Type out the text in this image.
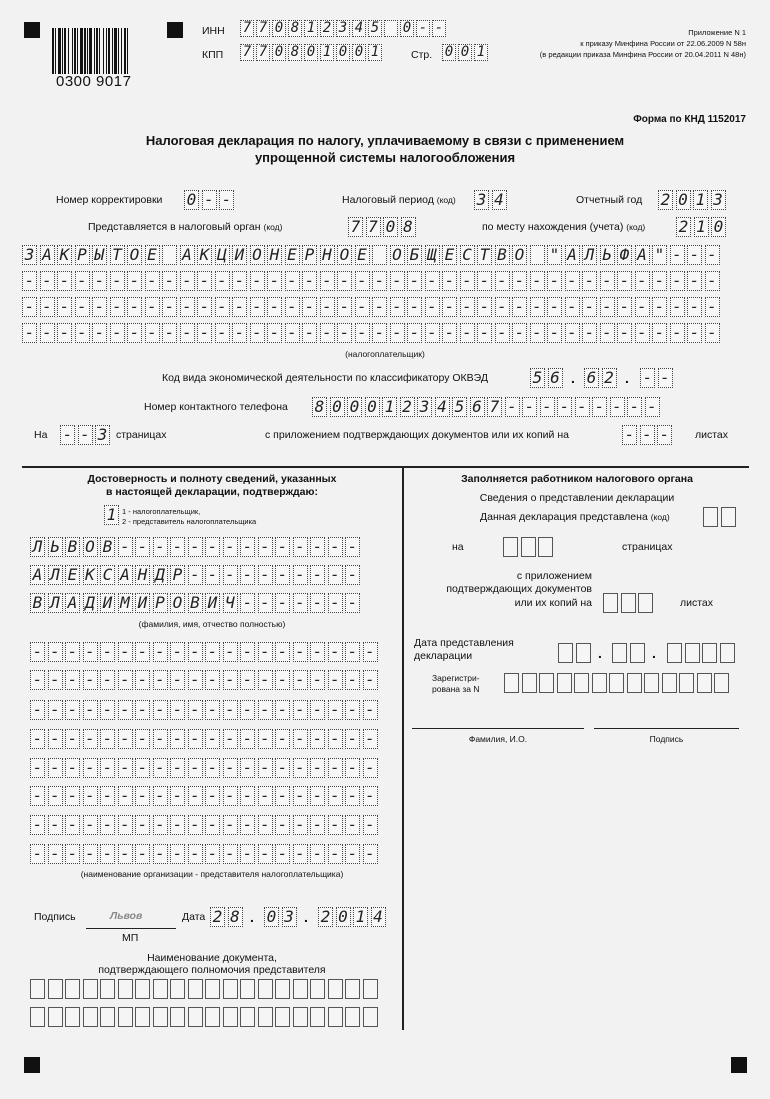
0300 9017
ИНН 7 7 0 8 1 2 3 4 5 0 - -
КПП 7 7 0 8 0 1 0 0 1	Стр. 0 0 1
Приложение N 1
к приказу Минфина России от 22.06.2009 N 58н
(в редакции приказа Минфина России от 20.04.2011 N 48н)
Форма по КНД 1152017
Налоговая декларация по налогу, уплачиваемому в связи с применением
упрощенной системы налогообложения
Номер корректировки 0 - -	Налоговый период (код) 3 4	Отчетный год 2 0 1 3
Представляется в налоговый орган (код)	7 7 0 8	по месту нахождения (учета) (код) 2 1 0
З А К Р Ы Т О Е А К Ц И О Н Е Р Н О Е О Б Щ Е С Т В О " А Л Ь Ф А " - - -
- - - - - - - - - - - - - - - - - - - - - - - - - - - - - - - - - - - - - - - -
- - - - - - - - - - - - - - - - - - - - - - - - - - - - - - - - - - - - - - - -
- - - - - - - - - - - - - - - - - - - - - - - - - - - - - - - - - - - - - - - -
(налогоплательщик)
Код вида экономической деятельности по классификатору ОКВЭД	5 6 . 6 2 . - -
Номер контактного телефона 8 0 0 0 1 2 3 4 5 6 7 - - - - - - - - -
На - - 3 страницах	с приложением подтверждающих документов или их копий на	- - - листах
Достоверность и полноту сведений, указанных
в настоящей декларации, подтверждаю:
1 1 - налогоплательщик,
2 - представитель налогоплательщика
Л Ь В О В - - - - - - - - - - - - - -
А Л Е К С А Н Д Р - - - - - - - - - -
В Л А Д И М И Р О В И Ч - - - - - - -
(фамилия, имя, отчество полностью)
- - - - - - - - - - - - - - - - - - - -
- - - - - - - - - - - - - - - - - - - -
- - - - - - - - - - - - - - - - - - - -
- - - - - - - - - - - - - - - - - - - -
- - - - - - - - - - - - - - - - - - - -
- - - - - - - - - - - - - - - - - - - -
- - - - - - - - - - - - - - - - - - - -
- - - - - - - - - - - - - - - - - - - -
(наименование организации - представителя налогоплательщика)
Подпись	Львов	Дата 2 8 . 0 3 . 2 0 1 4
МП
Наименование документа,
подтверждающего полномочия представителя
Заполняется работником налогового органа
Сведения о представлении декларации
Данная декларация представлена (код)
на	страницах
с приложением
подтверждающих документов
или их копий на	листах
Дата представления
декларации	.	.
Зарегистри-
рована за N
Фамилия, И.О.	Подпись
